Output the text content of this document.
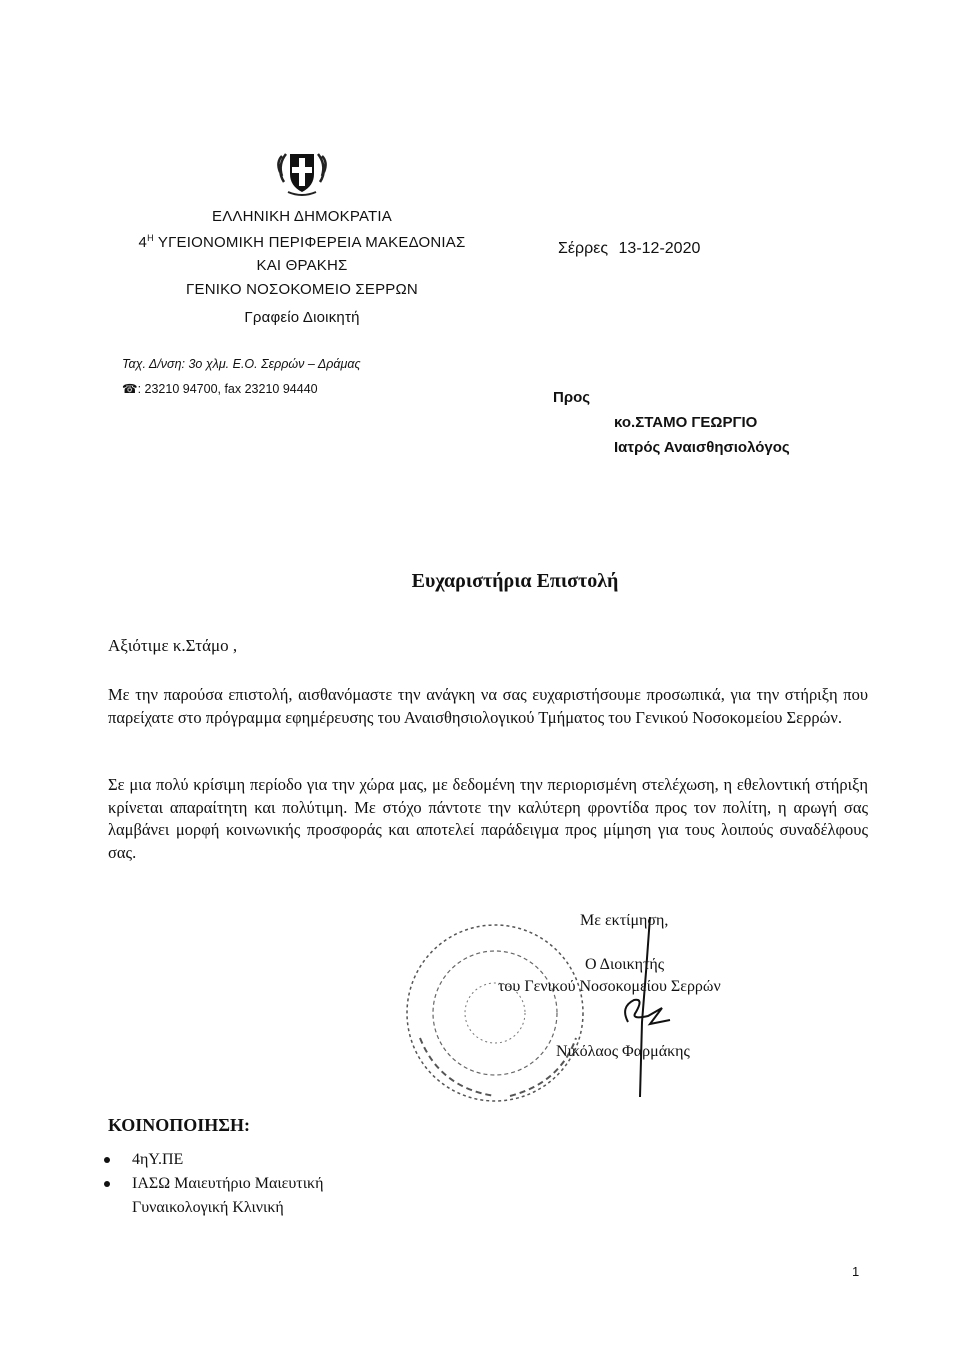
ΕΛΛΗΝΙΚΗ ΔΗΜΟΚΡΑΤΙΑ
$4^H$ ΥΓΕΙΟΝΟΜΙΚΗ ΠΕΡΙΦΕΡΕΙΑ ΜΑΚΕΔΟΝΙΑΣ
ΚΑΙ ΘΡΑΚΗΣ
ΓΕΝΙΚΟ ΝΟΣΟΚΟΜΕΙΟ ΣΕΡΡΩΝ
Γραφείο Διοικητή
Ταχ. Δ/νση: 3ο χλμ. Ε.Ο. Σερρών – Δράμας
☎: 23210 94700, fax 23210 94440
Σέρρες 13-12-2020
Προς
κο.ΣΤΑΜΟ ΓΕΩΡΓΙΟ
Ιατρός Αναισθησιολόγος
Ευχαριστήρια Επιστολή
Αξιότιμε κ.Στάμο ,
Με την παρούσα επιστολή, αισθανόμαστε την ανάγκη να σας ευχαριστήσουμε προσωπικά, για την στήριξη που παρείχατε στο πρόγραμμα εφημέρευσης του Αναισθησιολογικού Τμήματος του Γενικού Νοσοκομείου Σερρών.
Σε μια πολύ κρίσιμη περίοδο για την χώρα μας, με δεδομένη την περιορισμένη στελέχωση, η εθελοντική στήριξη κρίνεται απαραίτητη και πολύτιμη. Με στόχο πάντοτε την καλύτερη φροντίδα προς τον πολίτη, η αρωγή σας λαμβάνει μορφή κοινωνικής προσφοράς και αποτελεί παράδειγμα προς μίμηση για τους λοιπούς συναδέλφους σας.
Με εκτίμηση,
Ο Διοικητής
του Γενικού Νοσοκομείου Σερρών
Νικόλαος Φαρμάκης
ΚΟΙΝΟΠΟΙΗΣΗ:
4ηΥ.ΠΕ
ΙΑΣΩ Μαιευτήριο Μαιευτική
Γυναικολογική Κλινική
1
